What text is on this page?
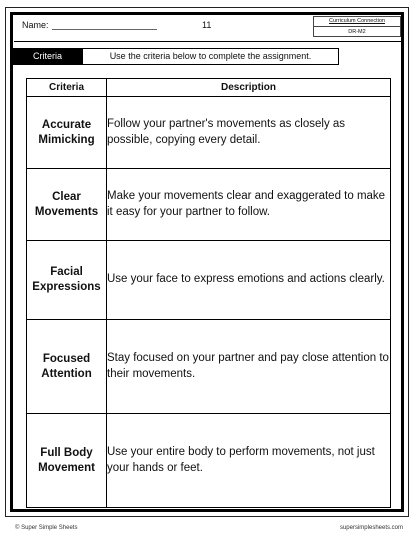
Name:	11	Curriculum Connection
DR-M2
Criteria	Use the criteria below to complete the assignment.
Criteria	Description
Accurate Mimicking	Follow your partner's movements as closely as possible, copying every detail.
Clear Movements	Make your movements clear and exaggerated to make it easy for your partner to follow.
Facial Expressions	Use your face to express emotions and actions clearly.
Focused Attention	Stay focused on your partner and pay close attention to their movements.
Full Body Movement	Use your entire body to perform movements, not just your hands or feet.
© Super Simple Sheets	supersimplesheets.com
